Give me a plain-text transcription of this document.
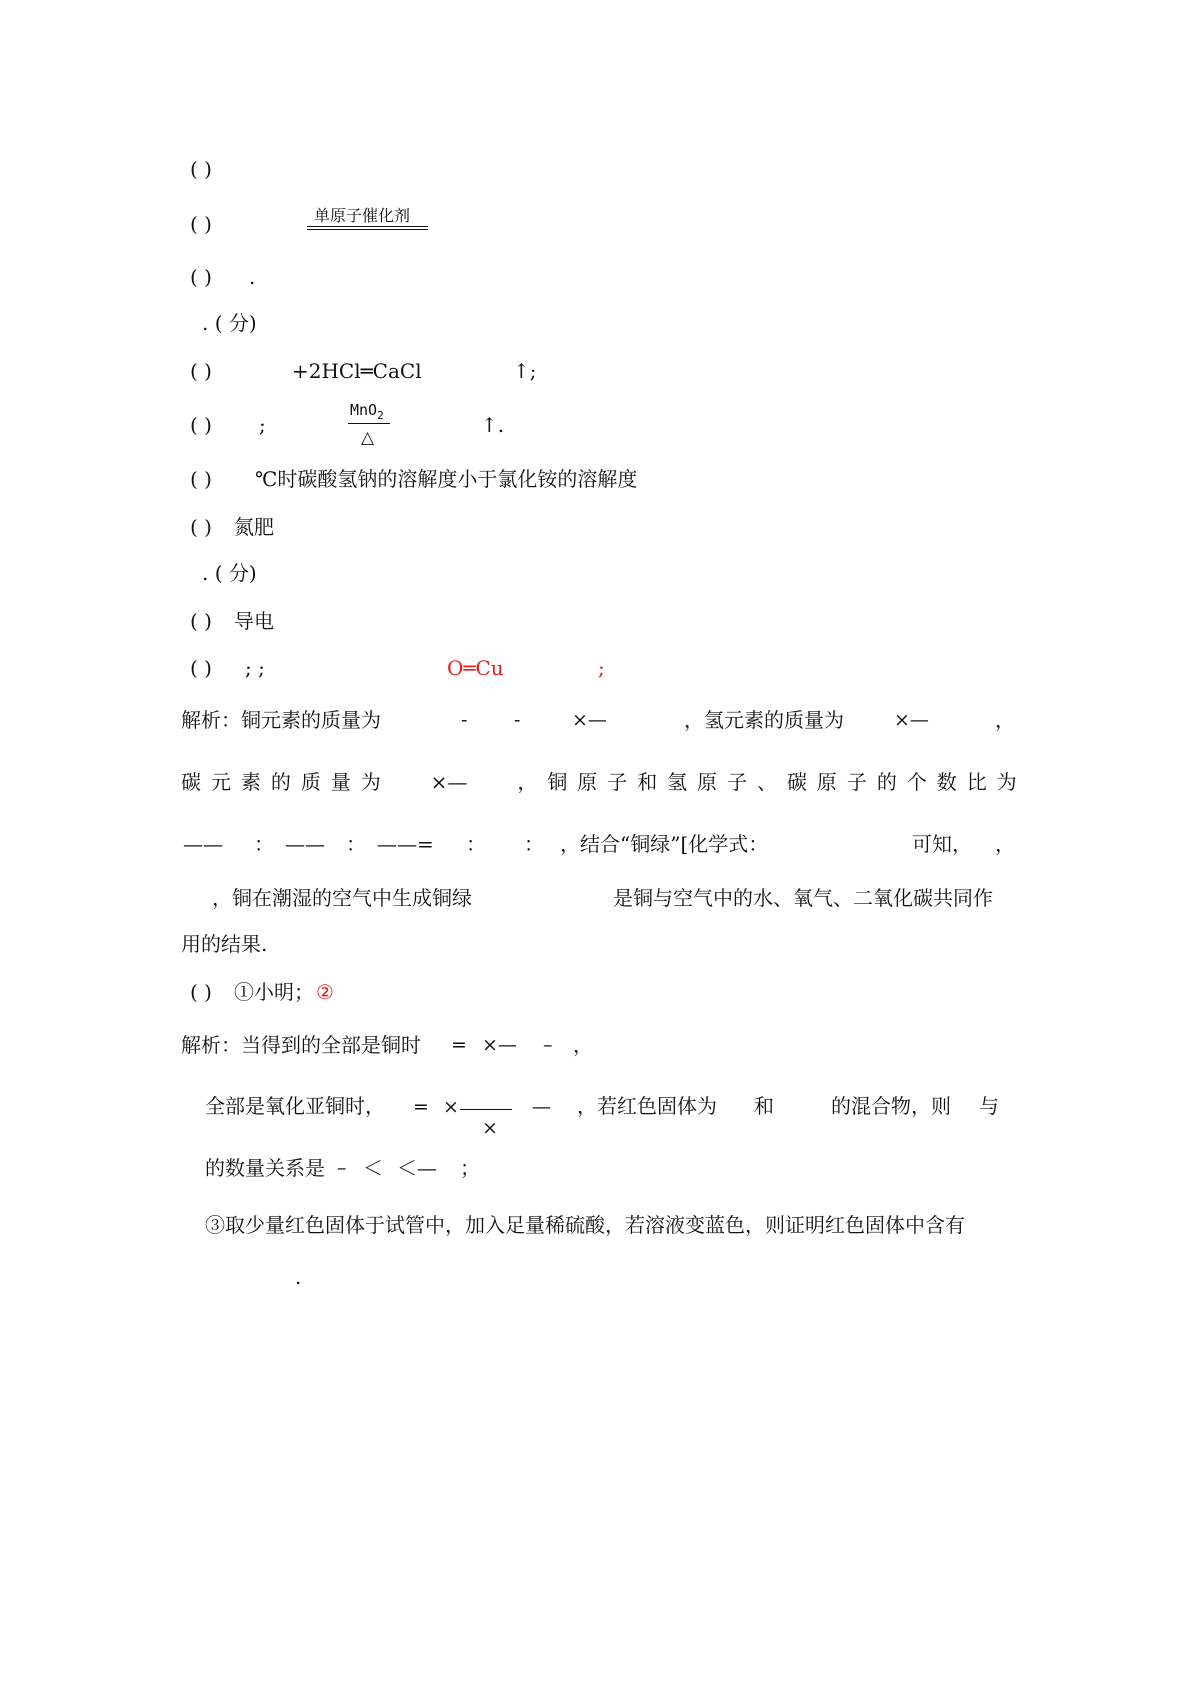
( )
( )	单原子催化剂
( ) .
. ( 分)
( )	+2HCl═CaCl	↑;
( ) ;
MnO$_2$
△
↑.
( ) ℃时碳酸氢钠的溶解度小于氯化铵的溶解度
( ) 氮肥
. ( 分)
( ) 导电
( ) ; ;	O═Cu	;
解析：铜元素的质量为	- -	×—	，氢元素的质量为	×—	，
碳 元 素 的 质 量 为 ×— ， 铜 原 子 和 氢 原 子 、 碳 原 子 的 个 数 比 为
—— ： —— ： ——= ： ： ，结合“铜绿”[化学式：	可知， ，
，铜在潮湿的空气中生成铜绿	是铜与空气中的水、氧气、二氧化碳共同作
用的结果.
( ) ①小明； ②
解析：当得到的全部是铜时 = ×— – ，
全部是氧化亚铜时， = ×
×
— ，若红色固体为 和	的混合物，则 与
的数量关系是 – ＜ ＜— ；
③取少量红色固体于试管中，加入足量稀硫酸，若溶液变蓝色，则证明红色固体中含有
.
